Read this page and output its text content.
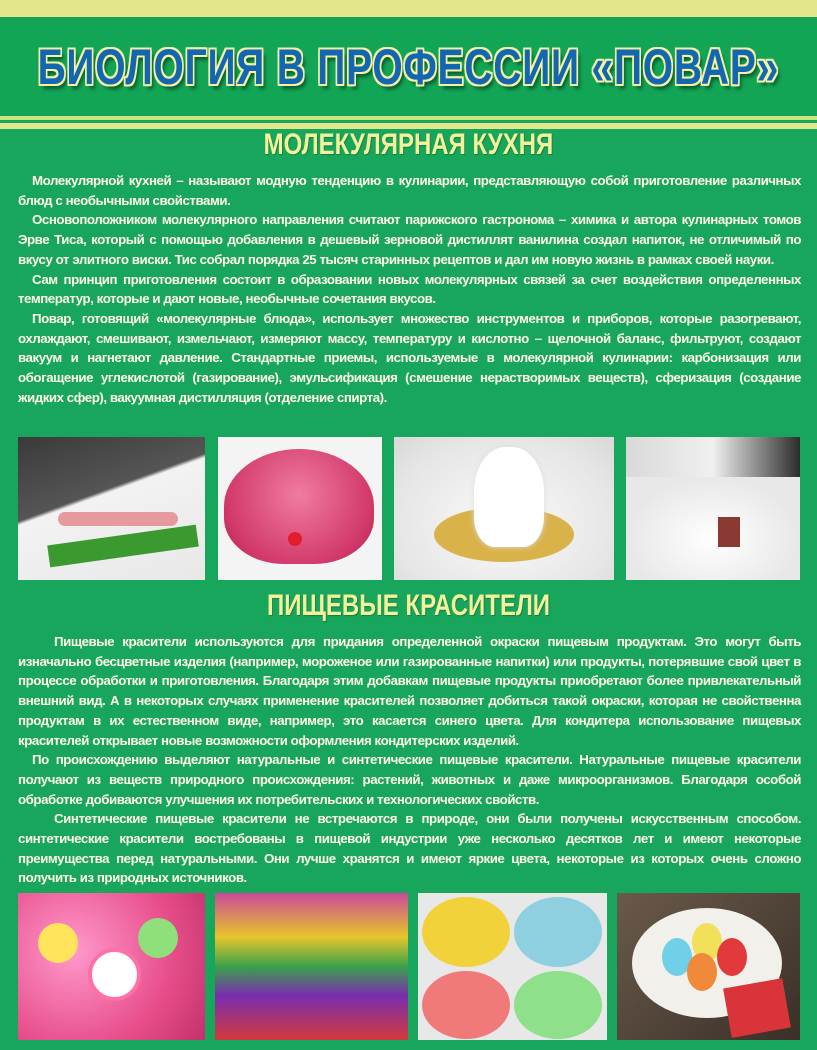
БИОЛОГИЯ В ПРОФЕССИИ «ПОВАР»
МОЛЕКУЛЯРНАЯ КУХНЯ

Молекулярной кухней – называют модную тенденцию в кулинарии, представляющую собой приготовление различных блюд с необычными свойствами.

Основоположником молекулярного направления считают парижского гастронома – химика и автора кулинарных томов Эрве Тиса, который с помощью добавления в дешевый зерновой дистиллят ванилина создал напиток, не отличимый по вкусу от элитного виски. Тис собрал порядка 25 тысяч старинных рецептов и дал им новую жизнь в рамках своей науки.

Сам принцип приготовления состоит в образовании новых молекулярных связей за счет воздействия определенных температур, которые и дают новые, необычные сочетания вкусов.

Повар, готовящий «молекулярные блюда», использует множество инструментов и приборов, которые разогревают, охлаждают, смешивают, измельчают, измеряют массу, температуру и кислотно – щелочной баланс, фильтруют, создают вакуум и нагнетают давление. Стандартные приемы, используемые в молекулярной кулинарии: карбонизация или обогащение углекислотой (газирование), эмульсификация (смешение нерастворимых веществ), сферизация (создание жидких сфер), вакуумная дистилляция (отделение спирта).

ПИЩЕВЫЕ КРАСИТЕЛИ

Пищевые красители используются для придания определенной окраски пищевым продуктам. Это могут быть изначально бесцветные изделия (например, мороженое или газированные напитки) или продукты, потерявшие свой цвет в процессе обработки и приготовления. Благодаря этим добавкам пищевые продукты приобретают более привлекательный внешний вид. А в некоторых случаях применение красителей позволяет добиться такой окраски, которая не свойственна продуктам в их естественном виде, например, это касается синего цвета. Для кондитера использование пищевых красителей открывает новые возможности оформления кондитерских изделий.

По происхождению выделяют натуральные и синтетические пищевые красители. Натуральные пищевые красители получают из веществ природного происхождения: растений, животных и даже микроорганизмов. Благодаря особой обработке добиваются улучшения их потребительских и технологических свойств.

Синтетические пищевые красители не встречаются в природе, они были получены искусственным способом. синтетические красители востребованы в пищевой индустрии уже несколько десятков лет и имеют некоторые преимущества перед натуральными. Они лучше хранятся и имеют яркие цвета, некоторые из которых очень сложно получить из природных источников.
